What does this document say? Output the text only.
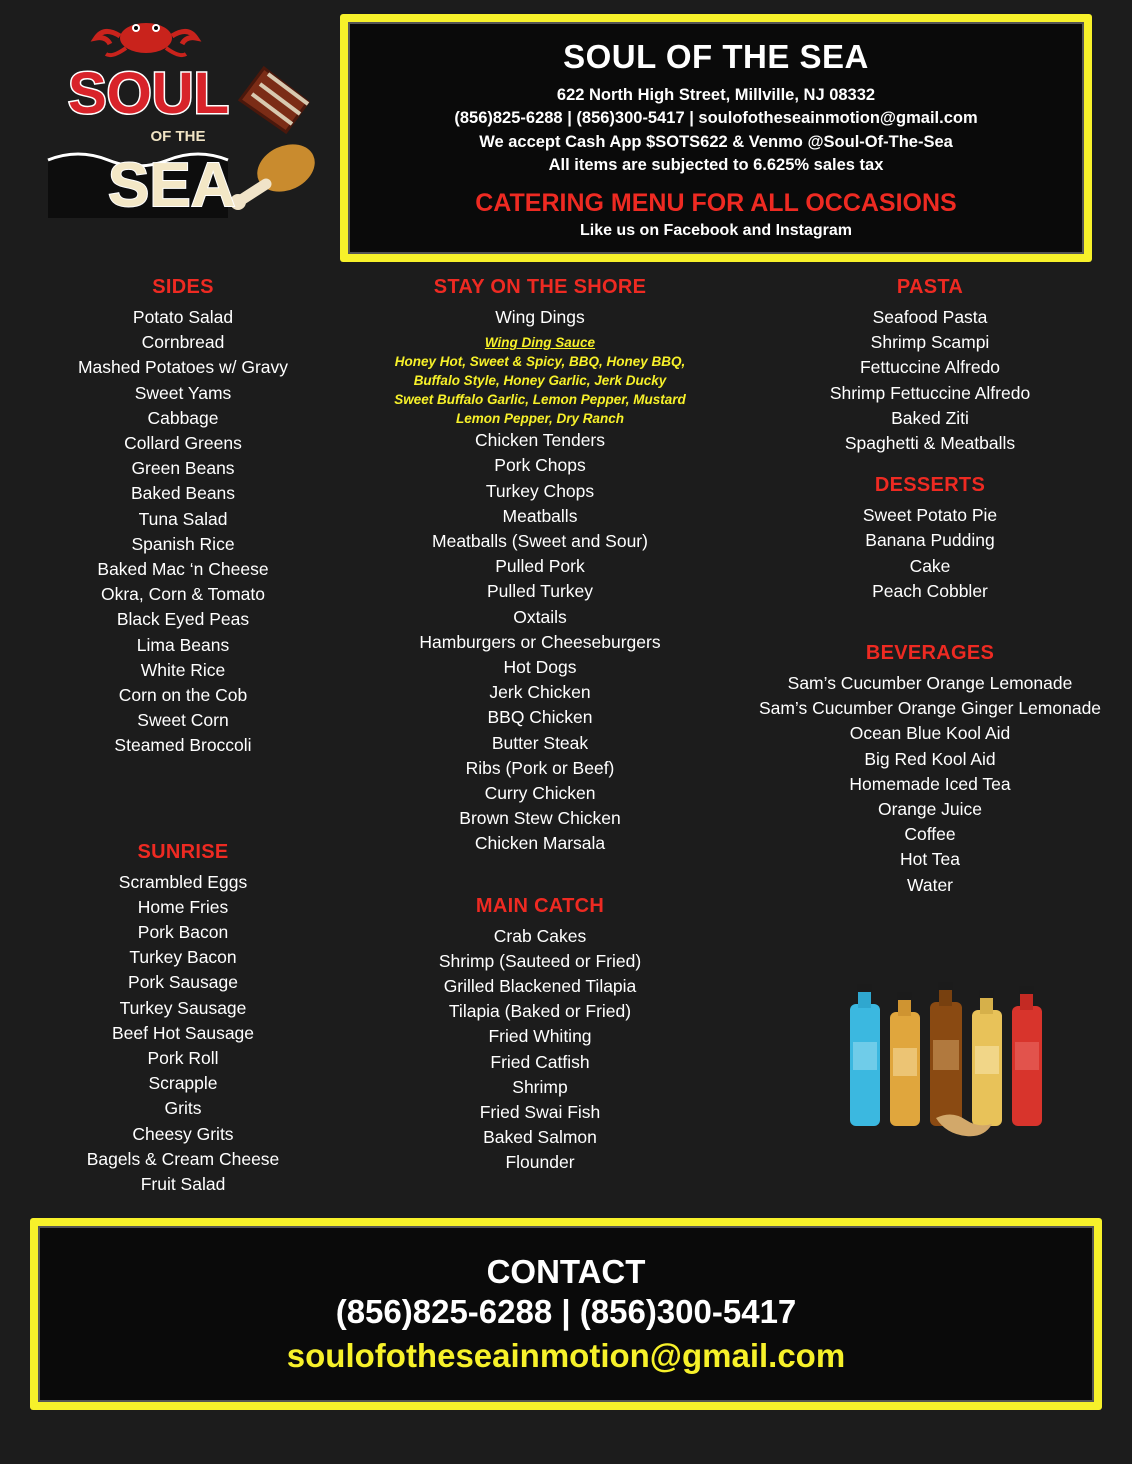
SOUL
OF THE
SEA
SOUL OF THE SEA
622 North High Street, Millville, NJ 08332
(856)825-6288 | (856)300-5417 | soulofotheseainmotion@gmail.com
We accept Cash App $SOTS622 & Venmo @Soul-Of-The-Sea
All items are subjected to 6.625% sales tax
CATERING MENU FOR ALL OCCASIONS
Like us on Facebook and Instagram
SIDES
Potato Salad
Cornbread
Mashed Potatoes w/ Gravy
Sweet Yams
Cabbage
Collard Greens
Green Beans
Baked Beans
Tuna Salad
Spanish Rice
Baked Mac ‘n Cheese
Okra, Corn & Tomato
Black Eyed Peas
Lima Beans
White Rice
Corn on the Cob
Sweet Corn
Steamed Broccoli
SUNRISE
Scrambled Eggs
Home Fries
Pork Bacon
Turkey Bacon
Pork Sausage
Turkey Sausage
Beef Hot Sausage
Pork Roll
Scrapple
Grits
Cheesy Grits
Bagels & Cream Cheese
Fruit Salad
STAY ON THE SHORE
Wing Dings
Wing Ding Sauce
Honey Hot, Sweet & Spicy, BBQ, Honey BBQ,
Buffalo Style, Honey Garlic, Jerk Ducky
Sweet Buffalo Garlic, Lemon Pepper, Mustard
Lemon Pepper, Dry Ranch
Chicken Tenders
Pork Chops
Turkey Chops
Meatballs
Meatballs (Sweet and Sour)
Pulled Pork
Pulled Turkey
Oxtails
Hamburgers or Cheeseburgers
Hot Dogs
Jerk Chicken
BBQ Chicken
Butter Steak
Ribs (Pork or Beef)
Curry Chicken
Brown Stew Chicken
Chicken Marsala
MAIN CATCH
Crab Cakes
Shrimp (Sauteed or Fried)
Grilled Blackened Tilapia
Tilapia (Baked or Fried)
Fried Whiting
Fried Catfish
Shrimp
Fried Swai Fish
Baked Salmon
Flounder
PASTA
Seafood Pasta
Shrimp Scampi
Fettuccine Alfredo
Shrimp Fettuccine Alfredo
Baked Ziti
Spaghetti & Meatballs
DESSERTS
Sweet Potato Pie
Banana Pudding
Cake
Peach Cobbler
BEVERAGES
Sam’s Cucumber Orange Lemonade
Sam’s Cucumber Orange Ginger Lemonade
Ocean Blue Kool Aid
Big Red Kool Aid
Homemade Iced Tea
Orange Juice
Coffee
Hot Tea
Water
CONTACT
(856)825-6288 | (856)300-5417
soulofotheseainmotion@gmail.com
